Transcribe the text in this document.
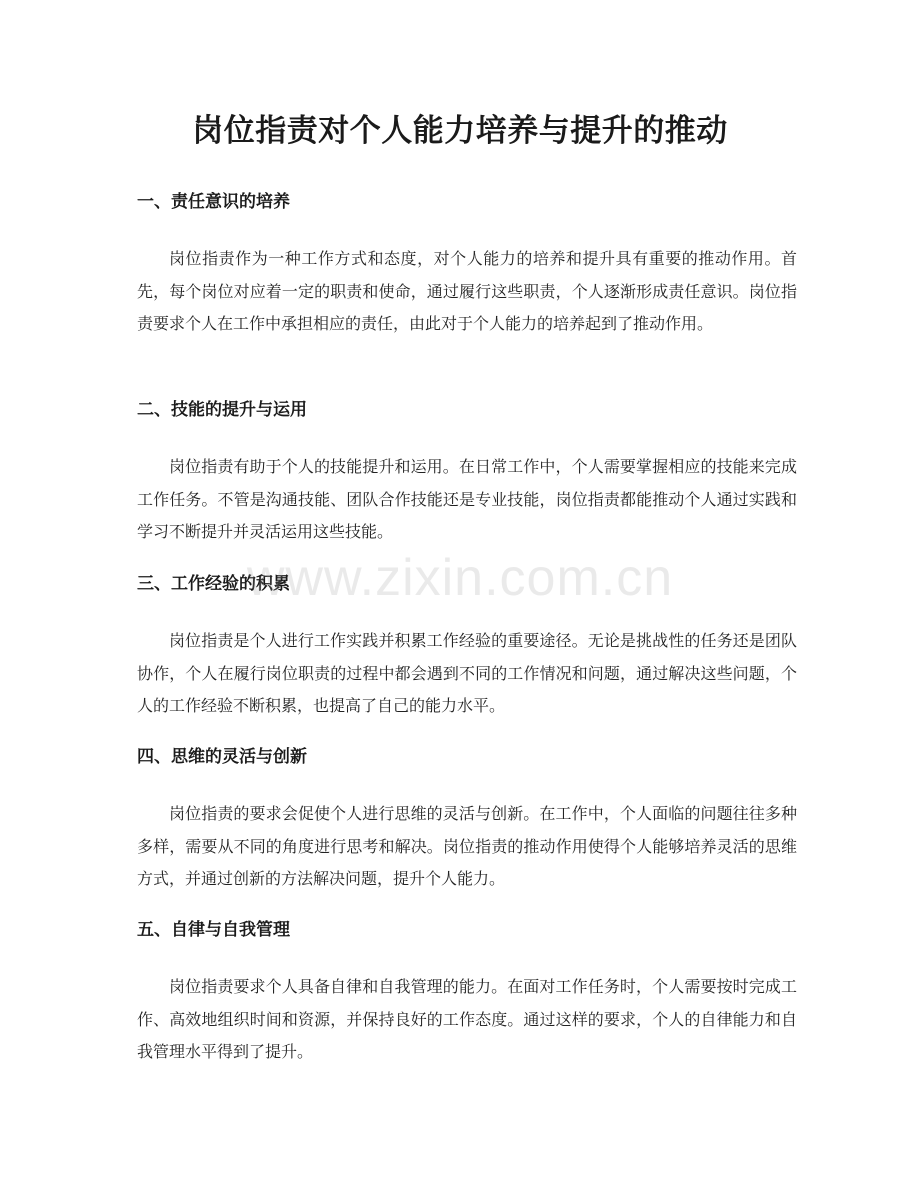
岗位指责对个人能力培养与提升的推动
一、责任意识的培养

岗位指责作为一种工作方式和态度，对个人能力的培养和提升具有重要的推动作用。首先，每个岗位对应着一定的职责和使命，通过履行这些职责，个人逐渐形成责任意识。岗位指责要求个人在工作中承担相应的责任，由此对于个人能力的培养起到了推动作用。

二、技能的提升与运用

岗位指责有助于个人的技能提升和运用。在日常工作中，个人需要掌握相应的技能来完成工作任务。不管是沟通技能、团队合作技能还是专业技能，岗位指责都能推动个人通过实践和学习不断提升并灵活运用这些技能。

三、工作经验的积累

岗位指责是个人进行工作实践并积累工作经验的重要途径。无论是挑战性的任务还是团队协作，个人在履行岗位职责的过程中都会遇到不同的工作情况和问题，通过解决这些问题，个人的工作经验不断积累，也提高了自己的能力水平。

四、思维的灵活与创新

岗位指责的要求会促使个人进行思维的灵活与创新。在工作中，个人面临的问题往往多种多样，需要从不同的角度进行思考和解决。岗位指责的推动作用使得个人能够培养灵活的思维方式，并通过创新的方法解决问题，提升个人能力。

五、自律与自我管理

岗位指责要求个人具备自律和自我管理的能力。在面对工作任务时，个人需要按时完成工作、高效地组织时间和资源，并保持良好的工作态度。通过这样的要求，个人的自律能力和自我管理水平得到了提升。

www.zixin.com.cn
